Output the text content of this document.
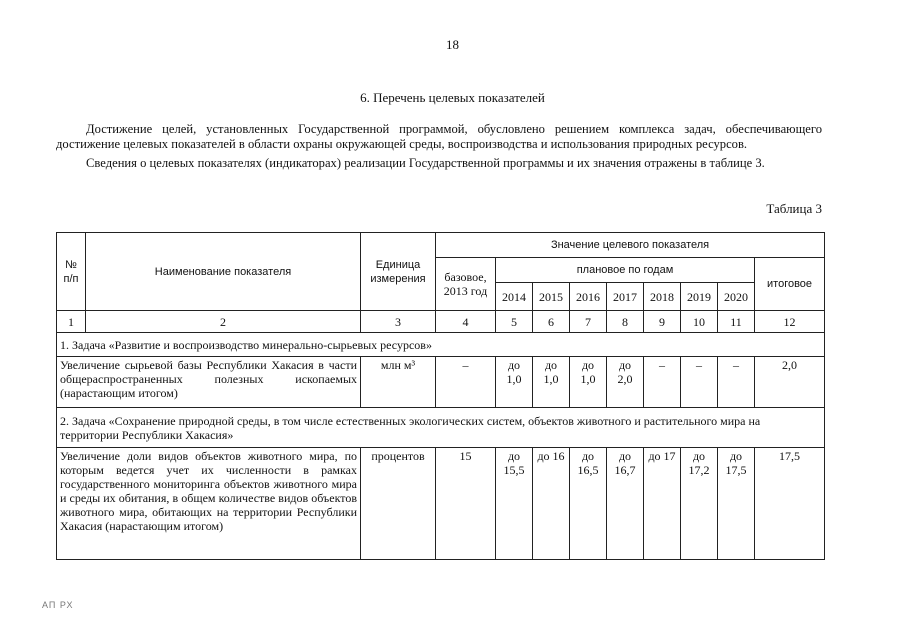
18
6. Перечень целевых показателей
Достижение целей, установленных Государственной программой, обусловлено решением комплекса задач, обеспечивающего достижение целевых показателей в области охраны окружающей среды, воспроизводства и использования природных ресурсов.
Сведения о целевых показателях (индикаторах) реализации Государственной программы и их значения отражены в таблице 3.
Таблица 3
№ п/п	Наименование показателя	Единица измерения	Значение целевого показателя								
			базовое, 2013 год	плановое по годам							итоговое
				2014	2015	2016	2017	2018	2019	2020	
1	2	3	4	5	6	7	8	9	10	11	12
1. Задача «Развитие и воспроизводство минерально-сырьевых ресурсов»											
Увеличение сырьевой базы Республики Хакасия в части общераспространенных полезных ископаемых (нарастающим итогом)		млн м³	–	до 1,0	до 1,0	до 1,0	до 2,0	–	–	–	2,0
2. Задача «Сохранение природной среды, в том числе естественных экологических систем, объектов животного и растительного мира на территории Республики Хакасия»											
Увеличение доли видов объектов животного мира, по которым ведется учет их численности в рамках государственного мониторинга объектов животного мира и среды их обитания, в общем количестве видов объектов животного мира, обитающих на территории Республики Хакасия (нарастающим итогом)		процентов	15	до 15,5	до 16	до 16,5	до 16,7	до 17	до 17,2	до 17,5	17,5
АП РХ
